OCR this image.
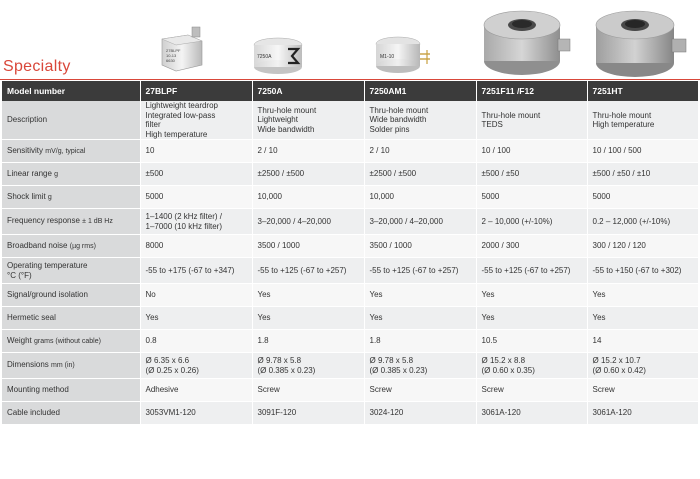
27BLPF
10-13
6630
7250A	M1-10
Specialty
Model number	27BLPF	7250A	7250AM1	7251F11 /F12	7251HT
Description	Lightweight teardrop
Integrated low-pass
filter
High temperature	Thru-hole mount
Lightweight
Wide bandwidth	Thru-hole mount
Wide bandwidth
Solder pins	Thru-hole mount
TEDS	Thru-hole mount
High temperature

Sensitivity mV/g, typical	10	2 / 10	2 / 10	10 / 100	10 / 100 / 500

Linear range g	±500	±2500 / ±500	±2500 / ±500	±500 / ±50	±500 / ±50 / ±10

Shock limit g	5000	10,000	10,000	5000	5000

Frequency response ± 1 dB Hz	1–1400 (2 kHz filter) /
1–7000 (10 kHz filter)	3–20,000 / 4–20,000	3–20,000 / 4–20,000	2 – 10,000 (+/-10%)	0.2 – 12,000 (+/-10%)

Broadband noise (µg rms)	8000	3500 / 1000	3500 / 1000	2000 / 300	300 / 120 / 120

Operating temperature
°C (°F)	-55 to +175 (-67 to +347)	-55 to +125 (-67 to +257)	-55 to +125 (-67 to +257)	-55 to +125 (-67 to +257)	-55 to +150 (-67 to +302)

Signal/ground isolation	No	Yes	Yes	Yes	Yes

Hermetic seal	Yes	Yes	Yes	Yes	Yes

Weight grams (without cable)	0.8	1.8	1.8	10.5	14

Dimensions mm (in)	Ø 6.35 x 6.6
(Ø 0.25 x 0.26)	Ø 9.78 x 5.8
(Ø 0.385 x 0.23)	Ø 9.78 x 5.8
(Ø 0.385 x 0.23)	Ø 15.2 x 8.8
(Ø 0.60 x 0.35)	Ø 15.2 x 10.7
(Ø 0.60 x 0.42)

Mounting method	Adhesive	Screw	Screw	Screw	Screw

Cable included	3053VM1-120	3091F-120	3024-120	3061A-120	3061A-120
